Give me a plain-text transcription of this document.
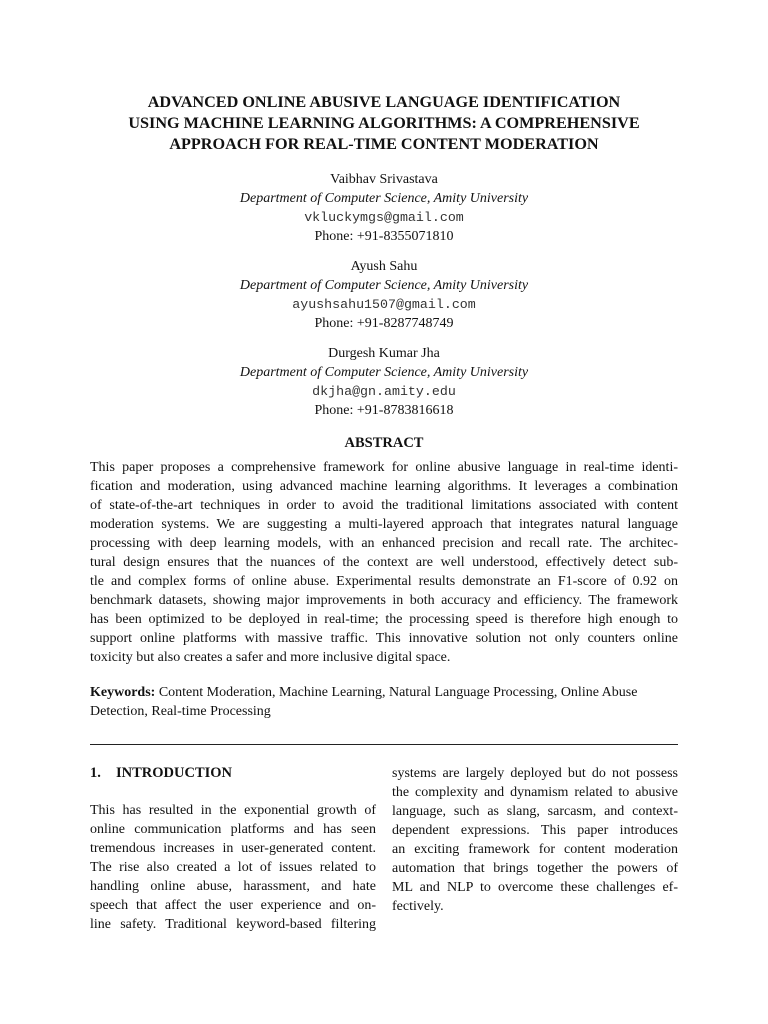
ADVANCED ONLINE ABUSIVE LANGUAGE IDENTIFICATION
USING MACHINE LEARNING ALGORITHMS: A COMPREHENSIVE
APPROACH FOR REAL-TIME CONTENT MODERATION
Vaibhav Srivastava
Department of Computer Science, Amity University
vkluckymgs@gmail.com
Phone: +91-8355071810
Ayush Sahu
Department of Computer Science, Amity University
ayushsahu1507@gmail.com
Phone: +91-8287748749
Durgesh Kumar Jha
Department of Computer Science, Amity University
dkjha@gn.amity.edu
Phone: +91-8783816618
ABSTRACT
This paper proposes a comprehensive framework for online abusive language in real-time identi-
fication and moderation, using advanced machine learning algorithms. It leverages a combination
of state-of-the-art techniques in order to avoid the traditional limitations associated with content
moderation systems. We are suggesting a multi-layered approach that integrates natural language
processing with deep learning models, with an enhanced precision and recall rate. The architec-
tural design ensures that the nuances of the context are well understood, effectively detect sub-
tle and complex forms of online abuse. Experimental results demonstrate an F1-score of 0.92 on
benchmark datasets, showing major improvements in both accuracy and efficiency. The framework
has been optimized to be deployed in real-time; the processing speed is therefore high enough to
support online platforms with massive traffic. This innovative solution not only counters online
toxicity but also creates a safer and more inclusive digital space.
Keywords: Content Moderation, Machine Learning, Natural Language Processing, Online Abuse
Detection, Real-time Processing
1. INTRODUCTION
This has resulted in the exponential growth of
online communication platforms and has seen
tremendous increases in user-generated content.
The rise also created a lot of issues related to
handling online abuse, harassment, and hate
speech that affect the user experience and on-
line safety. Traditional keyword-based filtering
systems are largely deployed but do not possess
the complexity and dynamism related to abusive
language, such as slang, sarcasm, and context-
dependent expressions. This paper introduces
an exciting framework for content moderation
automation that brings together the powers of
ML and NLP to overcome these challenges ef-
fectively.
